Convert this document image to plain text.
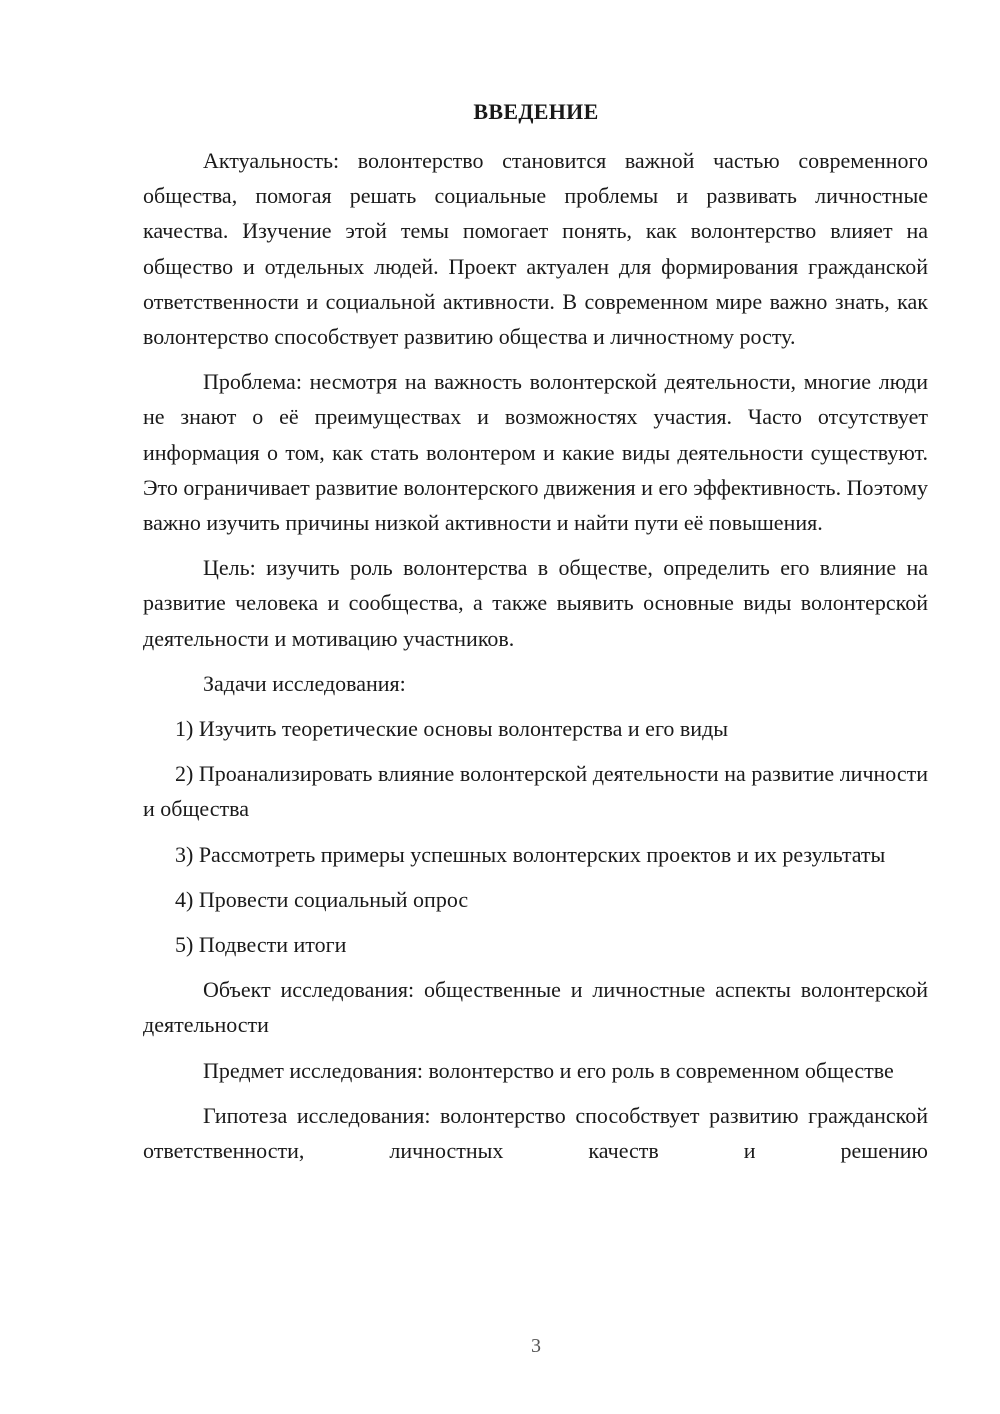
ВВЕДЕНИЕ

Актуальность: волонтерство становится важной частью современного общества, помогая решать социальные проблемы и развивать личностные качества. Изучение этой темы помогает понять, как волонтерство влияет на общество и отдельных людей. Проект актуален для формирования гражданской ответственности и социальной активности. В современном мире важно знать, как волонтерство способствует развитию общества и личностному росту.

Проблема: несмотря на важность волонтерской деятельности, многие люди не знают о её преимуществах и возможностях участия. Часто отсутствует информация о том, как стать волонтером и какие виды деятельности существуют. Это ограничивает развитие волонтерского движения и его эффективность. Поэтому важно изучить причины низкой активности и найти пути её повышения.

Цель: изучить роль волонтерства в обществе, определить его влияние на развитие человека и сообщества, а также выявить основные виды волонтерской деятельности и мотивацию участников.

Задачи исследования:

1) Изучить теоретические основы волонтерства и его виды

2) Проанализировать влияние волонтерской деятельности на развитие личности и общества

3) Рассмотреть примеры успешных волонтерских проектов и их результаты

4) Провести социальный опрос

5) Подвести итоги

Объект исследования: общественные и личностные аспекты волонтерской деятельности

Предмет исследования: волонтерство и его роль в современном обществе

Гипотеза исследования: волонтерство способствует развитию гражданской ответственности, личностных качеств и решению

3
